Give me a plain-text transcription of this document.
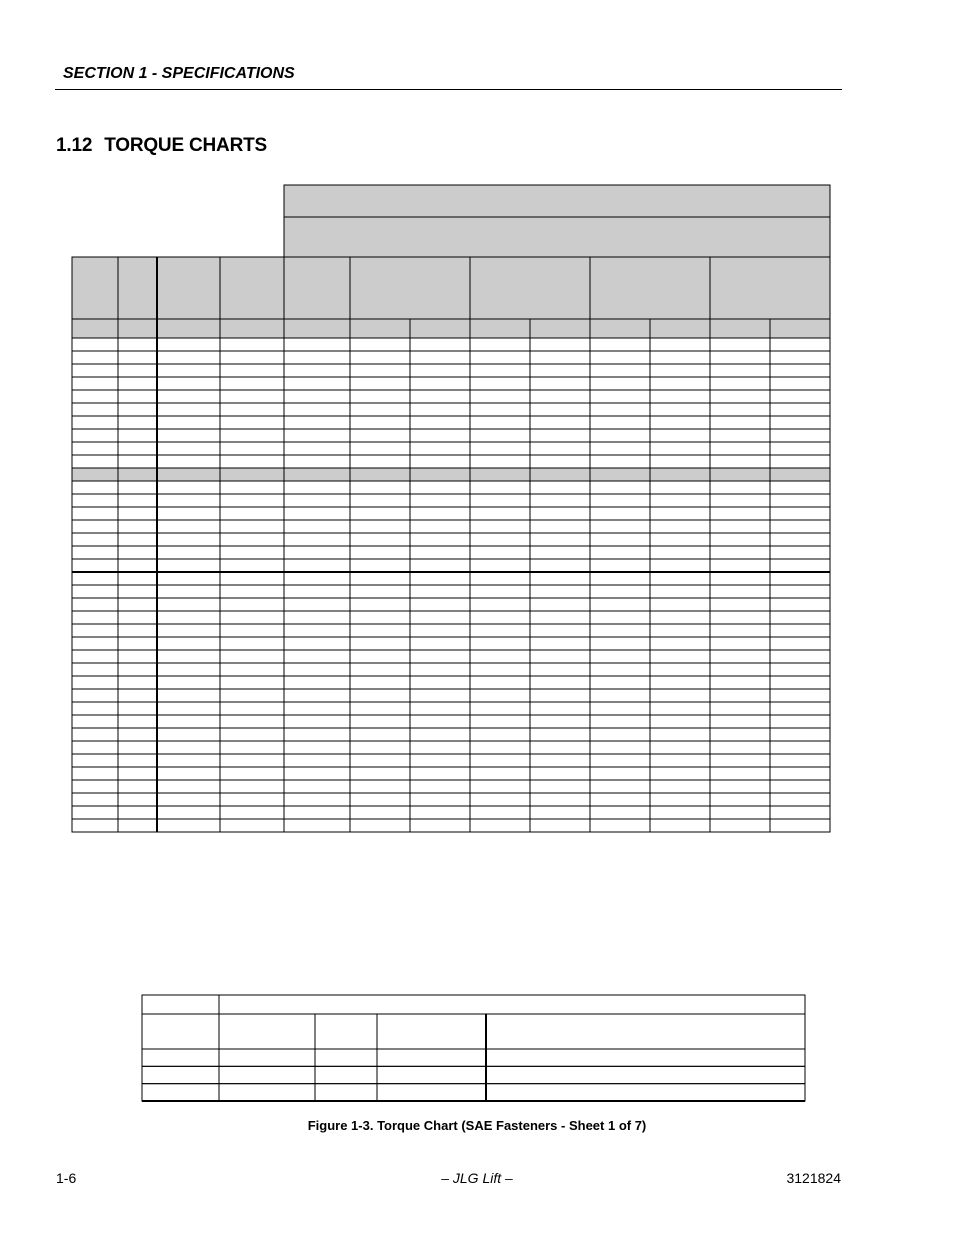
SECTION 1 - SPECIFICATIONS
1.12 TORQUE CHARTS
Figure 1-3. Torque Chart (SAE Fasteners - Sheet 1 of 7)
1-6	– JLG Lift –	3121824
